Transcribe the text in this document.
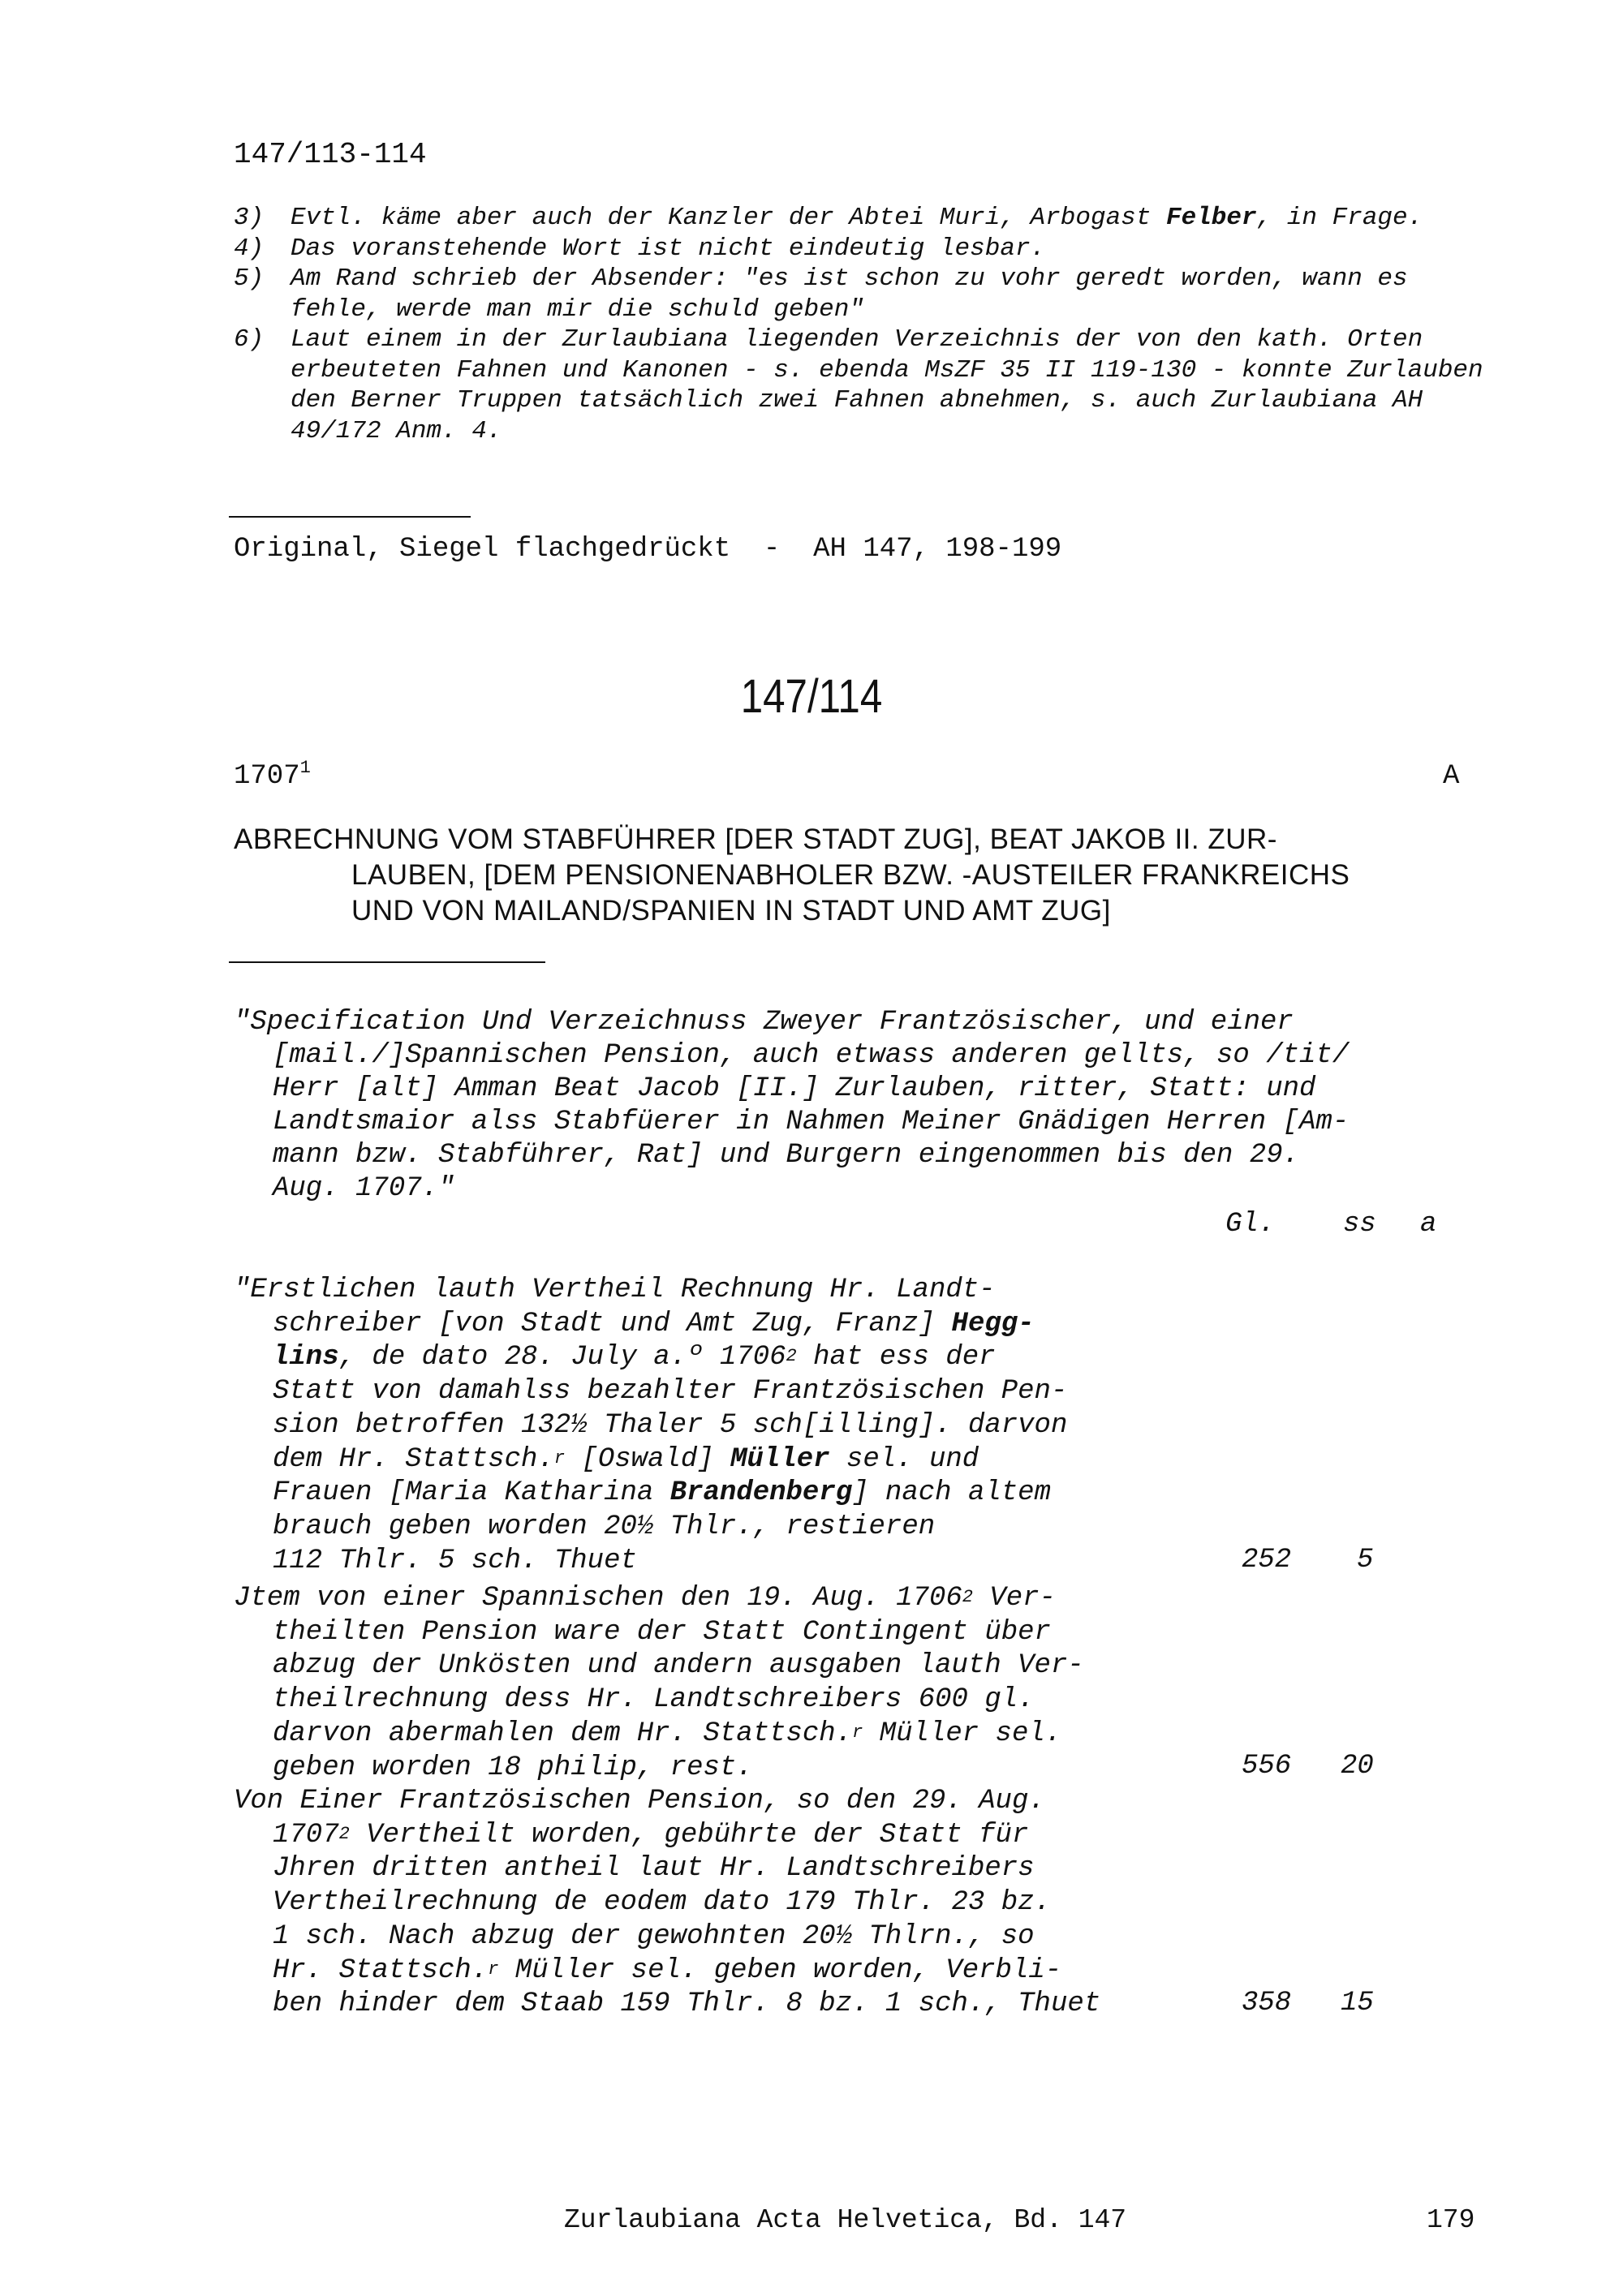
147/113-114
3)	Evtl. käme aber auch der Kanzler der Abtei Muri, Arbogast Felber, in Frage.
4)	Das voranstehende Wort ist nicht eindeutig lesbar.
5)	Am Rand schrieb der Absender: "es ist schon zu vohr geredt worden, wann es fehle, werde man mir die schuld geben"
6)	Laut einem in der Zurlaubiana liegenden Verzeichnis der von den kath. Orten erbeuteten Fahnen und Kanonen - s. ebenda MsZF 35 II 119-130 - konnte Zurlauben den Berner Truppen tatsächlich zwei Fahnen abnehmen, s. auch Zurlaubiana AH 49/172 Anm. 4.
Original, Siegel flachgedrückt  -  AH 147, 198-199
147/114
1707$^1$	A
ABRECHNUNG VOM STABFÜHRER [DER STADT ZUG], BEAT JAKOB II. ZUR-
LAUBEN, [DEM PENSIONENABHOLER BZW. -AUSTEILER FRANKREICHS
UND VON MAILAND/SPANIEN IN STADT UND AMT ZUG]
"Specification Und Verzeichnuss Zweyer Frantzösischer, und einer
[mail./]Spannischen Pension, auch etwass anderen gellts, so /tit/
Herr [alt] Amman Beat Jacob [II.] Zurlauben, ritter, Statt: und
Landtsmaior alss Stabfüerer in Nahmen Meiner Gnädigen Herren [Am-
mann bzw. Stabführer, Rat] und Burgern eingenommen bis den 29.
Aug. 1707."
Gl. ss a
"Erstlichen lauth Vertheil Rechnung Hr. Landt-
schreiber [von Stadt und Amt Zug, Franz] Hegg-
lins, de dato 28. July a.º 1706$^2$ hat ess der
Statt von damahlss bezahlter Frantzösischen Pen-
sion betroffen 132½ Thaler 5 sch[illing]. darvon
dem Hr. Stattsch.$^r$ [Oswald] Müller sel. und
Frauen [Maria Katharina Brandenberg] nach altem
brauch geben worden 20½ Thlr., restieren
112 Thlr. 5 sch. Thuet	252 5
Jtem von einer Spannischen den 19. Aug. 1706$^2$ Ver-
theilten Pension ware der Statt Contingent über
abzug der Unkösten und andern ausgaben lauth Ver-
theilrechnung dess Hr. Landtschreibers 600 gl.
darvon abermahlen dem Hr. Stattsch.$^r$ Müller sel.
geben worden 18 philip, rest.	556 20
Von Einer Frantzösischen Pension, so den 29. Aug.
1707$^2$ Vertheilt worden, gebührte der Statt für
Jhren dritten antheil laut Hr. Landtschreibers
Vertheilrechnung de eodem dato 179 Thlr. 23 bz.
1 sch. Nach abzug der gewohnten 20½ Thlrn., so
Hr. Stattsch.$^r$ Müller sel. geben worden, Verbli-
ben hinder dem Staab 159 Thlr. 8 bz. 1 sch., Thuet	358 15
Zurlaubiana Acta Helvetica, Bd. 147	179
